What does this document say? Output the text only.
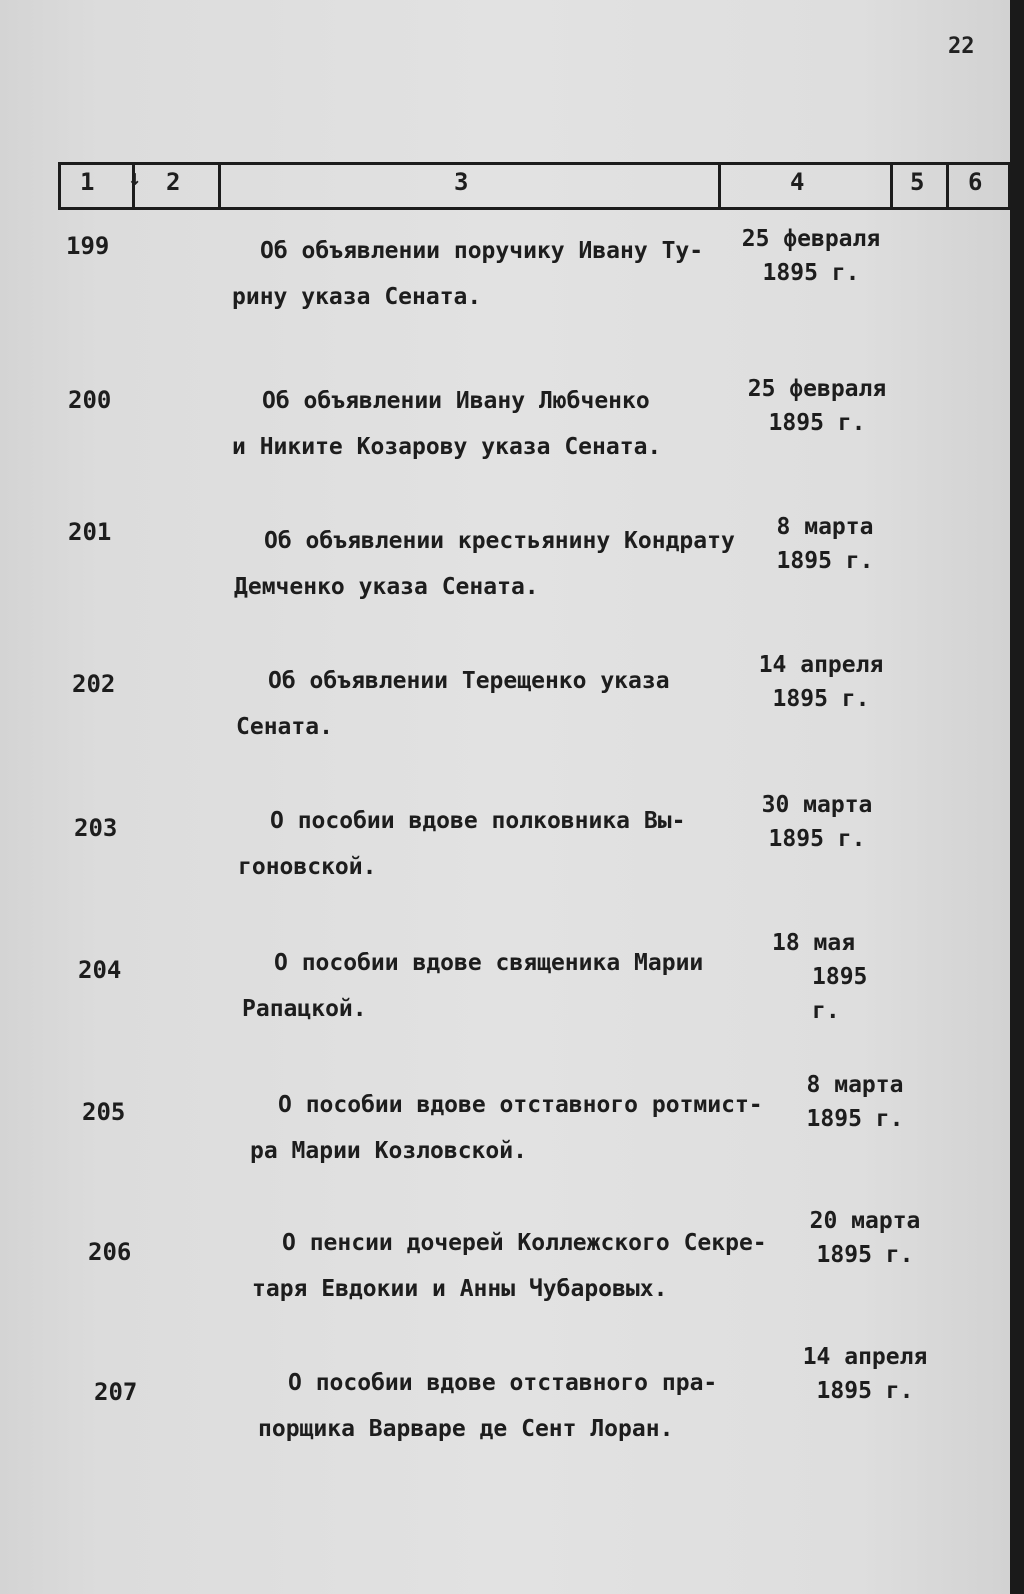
22
↓
1	2	3	4	5 6
199	Об объявлении поручику Ивану Ту-
рину указа Сената.
25 февраля
1895 г.
200	Об объявлении Ивану Любченко
и Никите Козарову указа Сената.
25 февраля
1895 г.
201	Об объявлении крестьянину Кондрату
Демченко указа Сената.
8 марта
1895 г.
202	Об объявлении Терещенко указа
Сената.
14 апреля
1895 г.
203	О пособии вдове полковника Вы-
гоновской.
30 марта
1895 г.
204	О пособии вдове священика Марии
Рапацкой.
18 мая
1895 г.
205	О пособии вдове отставного ротмист-
ра Марии Козловской.
8 марта
1895 г.
206	О пенсии дочерей Коллежского Секре-
таря Евдокии и Анны Чубаровых.
20 марта
1895 г.
207	О пособии вдове отставного пра-
порщика Варваре де Сент Лоран.
14 апреля
1895 г.
